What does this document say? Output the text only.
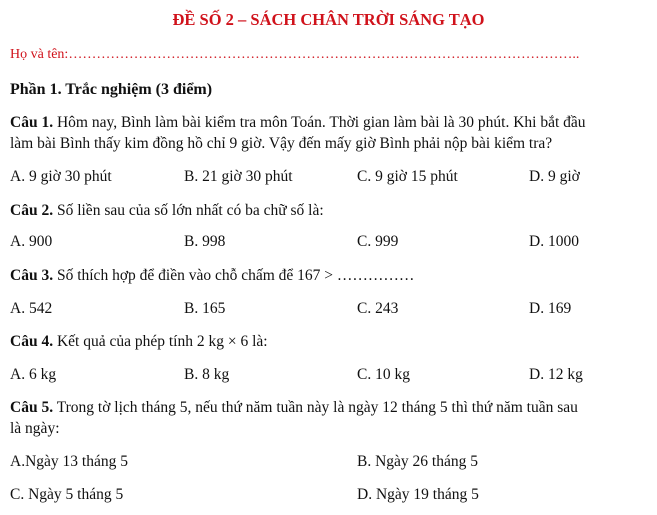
ĐỀ SỐ 2 – SÁCH CHÂN TRỜI SÁNG TẠO
Họ và tên:………………………………………………………………………………………………..
Phần 1. Trắc nghiệm (3 điểm)
Câu 1. Hôm nay, Bình làm bài kiểm tra môn Toán. Thời gian làm bài là 30 phút. Khi bắt đầu
làm bài Bình thấy kim đồng hồ chỉ 9 giờ. Vậy đến mấy giờ Bình phải nộp bài kiểm tra?
A. 9 giờ 30 phút	B. 21 giờ 30 phút	C. 9 giờ 15 phút	D. 9 giờ
Câu 2. Số liền sau của số lớn nhất có ba chữ số là:
A. 900	B. 998	C. 999	D. 1000
Câu 3. Số thích hợp để điền vào chỗ chấm để 167 > ……………
A. 542	B. 165	C. 243	D. 169
Câu 4. Kết quả của phép tính 2 kg × 6 là:
A. 6 kg	B. 8 kg	C. 10 kg	D. 12 kg
Câu 5. Trong tờ lịch tháng 5, nếu thứ năm tuần này là ngày 12 tháng 5 thì thứ năm tuần sau
là ngày:
A.Ngày 13 tháng 5	B. Ngày 26 tháng 5
C. Ngày 5 tháng 5	D. Ngày 19 tháng 5
